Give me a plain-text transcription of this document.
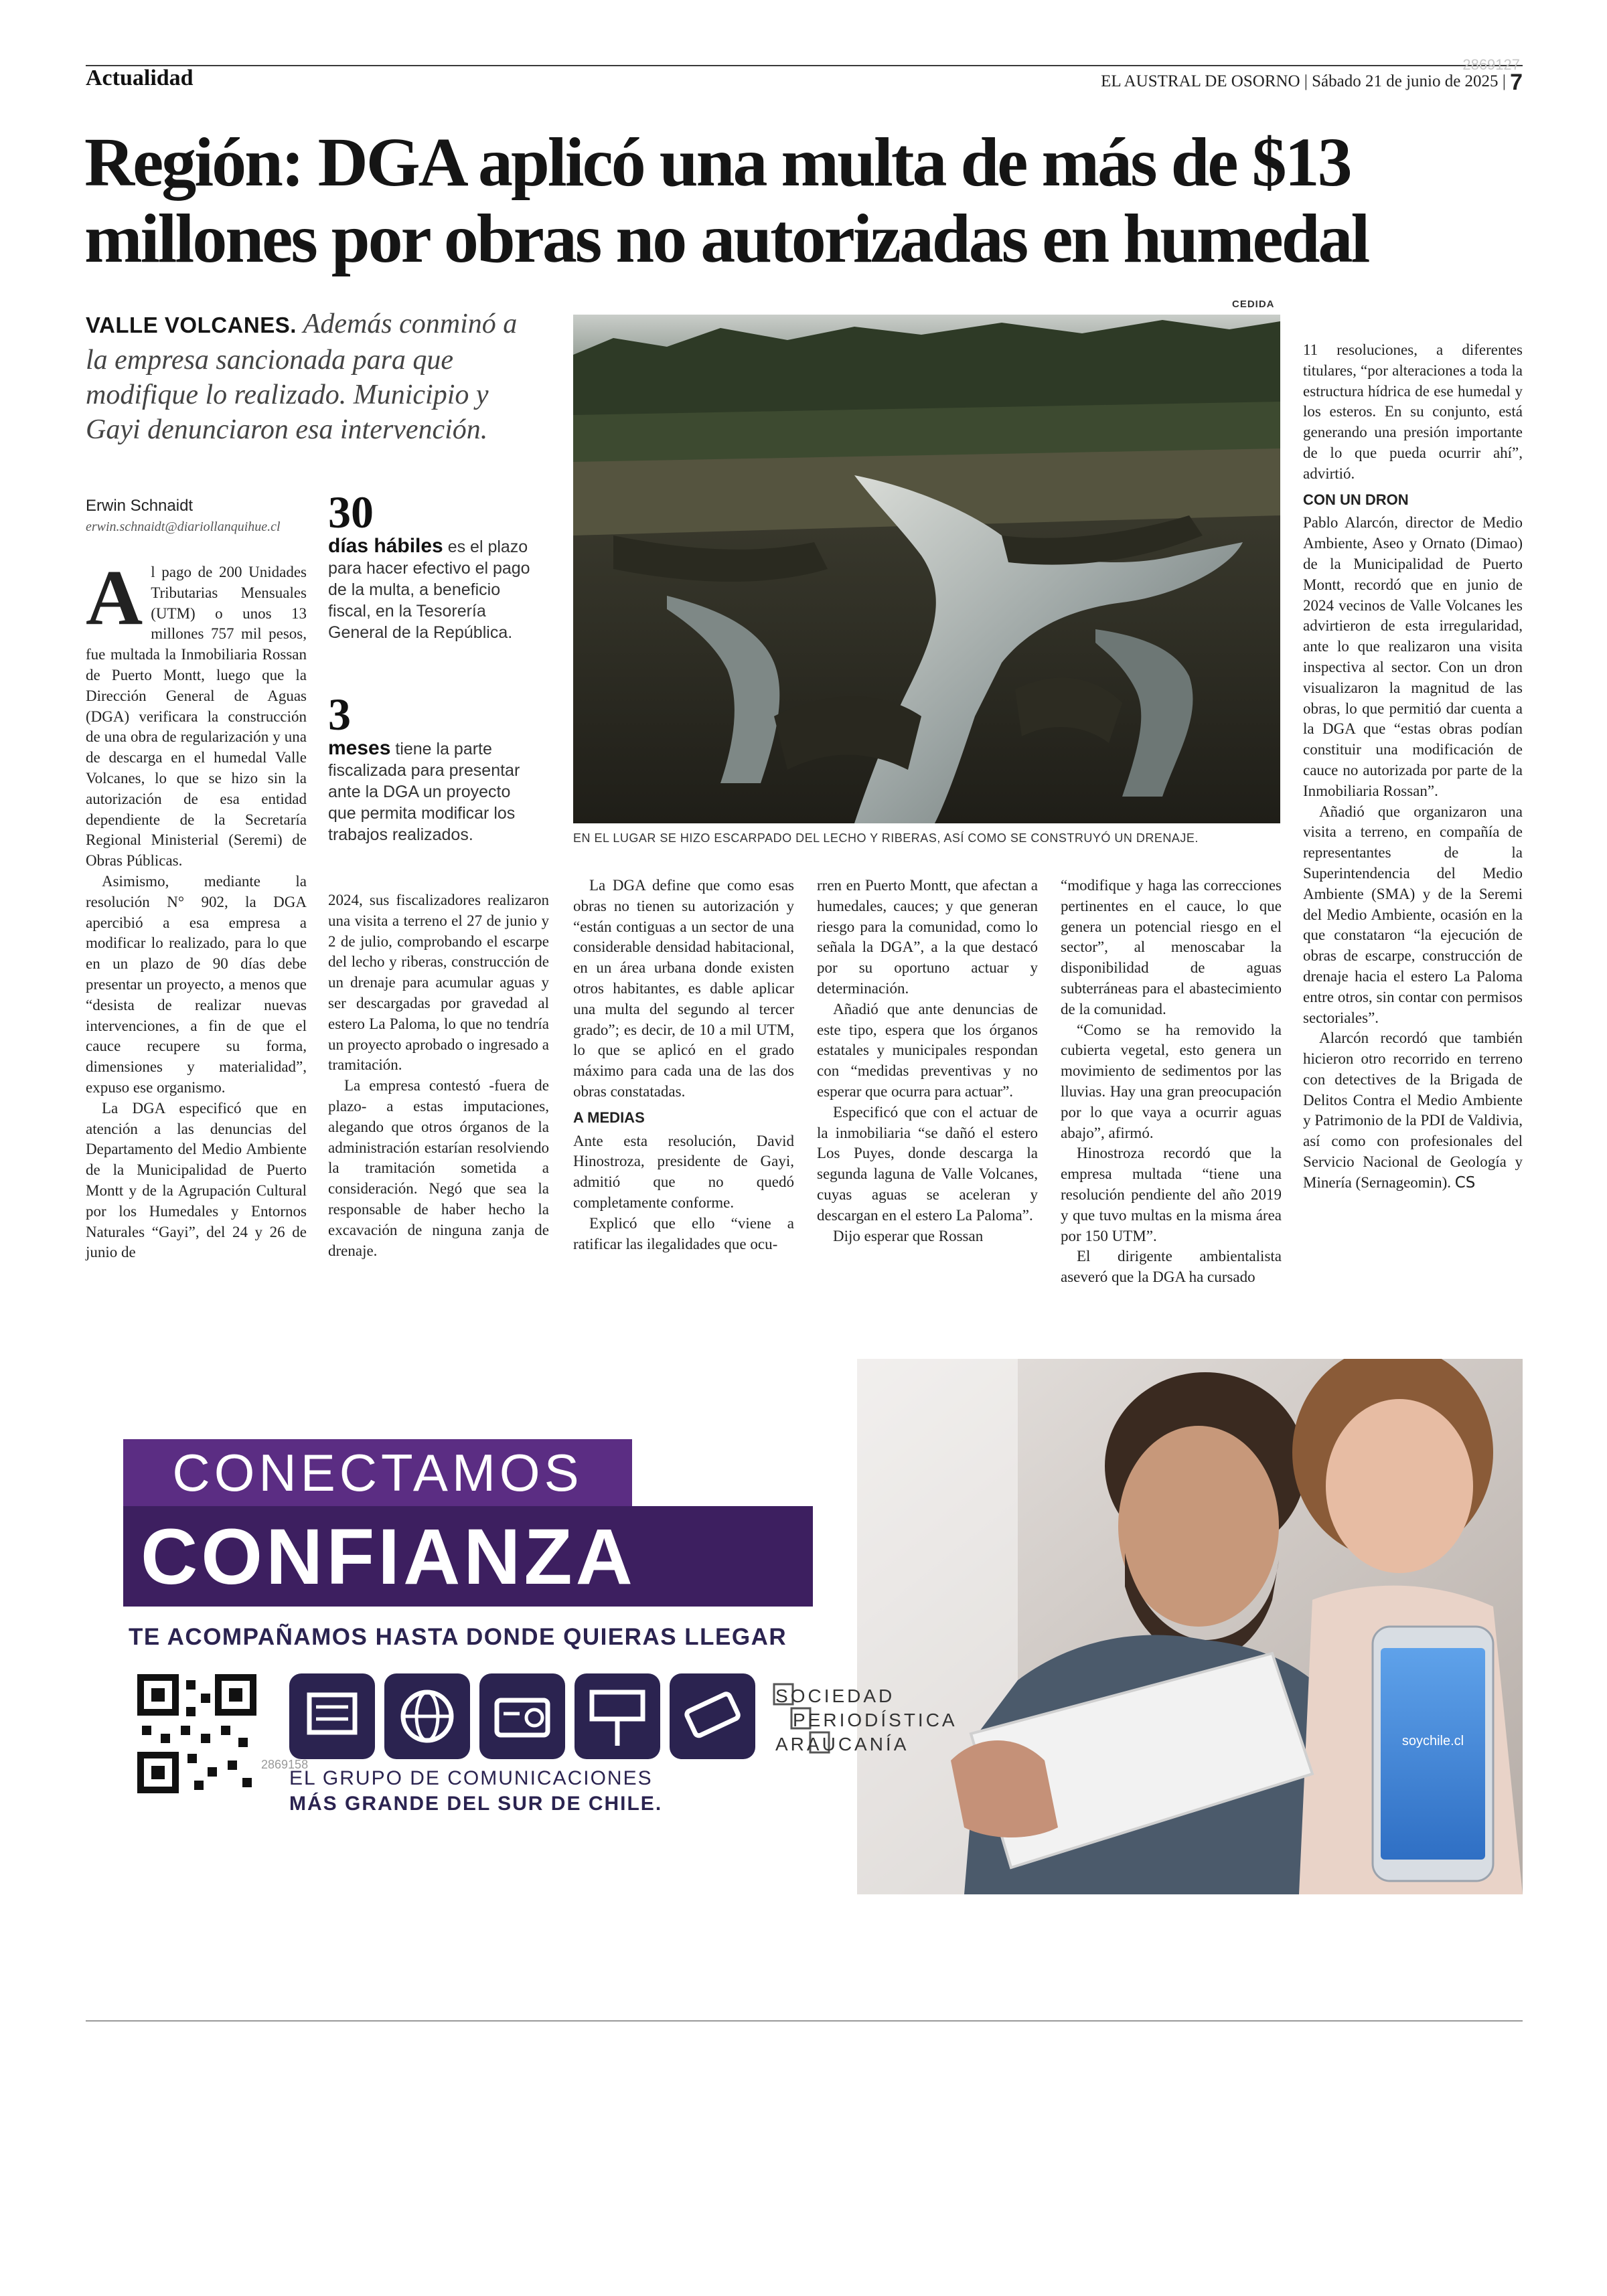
Actualidad
2869127
EL AUSTRAL DE OSORNO | Sábado 21 de junio de 2025 | 7
Región: DGA aplicó una multa de más de $13 millones por obras no autorizadas en humedal
VALLE VOLCANES. Además conminó a la empresa sancionada para que modifique lo realizado. Municipio y Gayi denunciaron esa intervención.
Erwin Schnaidt
erwin.schnaidt@diariollanquihue.cl 30
días hábiles es el plazo para hacer efectivo el pago de la multa, a beneficio fiscal, en la Tesorería General de la República.
3
meses tiene la parte fiscalizada para presentar ante la DGA un proyecto que permita modificar los trabajos realizados.

Al pago de 200 Unidades Tributarias Mensuales (UTM) o unos 13 millones 757 mil pesos, fue multada la Inmobiliaria Rossan de Puerto Montt, luego que la Dirección General de Aguas (DGA) verificara la construcción de una obra de regularización y una de descarga en el humedal Valle Volcanes, lo que se hizo sin la autorización de esa entidad dependiente de la Secretaría Regional Ministerial (Seremi) de Obras Públicas.

Asimismo, mediante la resolución N° 902, la DGA apercibió a esa empresa a modificar lo realizado, para lo que en un plazo de 90 días debe presentar un proyecto, a menos que “desista de realizar nuevas intervenciones, a fin de que el cauce recupere su forma, dimensiones y materialidad”, expuso ese organismo.

La DGA especificó que en atención a las denuncias del Departamento del Medio Ambiente de la Municipalidad de Puerto Montt y de la Agrupación Cultural por los Humedales y Entornos Naturales “Gayi”, del 24 y 26 de junio de

2024, sus fiscalizadores realizaron una visita a terreno el 27 de junio y 2 de julio, comprobando el escarpe del lecho y riberas, construcción de un drenaje para acumular aguas y ser descargadas por gravedad al estero La Paloma, lo que no tendría un proyecto aprobado o ingresado a tramitación.

La empresa contestó -fuera de plazo- a estas imputaciones, alegando que otros órganos de la administración estarían resolviendo la tramitación sometida a consideración. Negó que sea la responsable de haber hecho la excavación de ninguna zanja de drenaje.

CEDIDA
EN EL LUGAR SE HIZO ESCARPADO DEL LECHO Y RIBERAS, ASÍ COMO SE CONSTRUYÓ UN DRENAJE.

La DGA define que como esas obras no tienen su autorización y “están contiguas a un sector de una considerable densidad habitacional, en un área urbana donde existen otros habitantes, es dable aplicar una multa del segundo al tercer grado”; es decir, de 10 a mil UTM, lo que se aplicó en el grado máximo para cada una de las dos obras constatadas.

A MEDIAS

Ante esta resolución, David Hinostroza, presidente de Gayi, admitió que no quedó completamente conforme.

Explicó que ello “viene a ratificar las ilegalidades que ocu-

rren en Puerto Montt, que afectan a humedales, cauces; y que generan riesgo para la comunidad, como lo señala la DGA”, a la que destacó por su oportuno actuar y determinación.

Añadió que ante denuncias de este tipo, espera que los órganos estatales y municipales respondan con “medidas preventivas y no esperar que ocurra para actuar”.

Especificó que con el actuar de la inmobiliaria “se dañó el estero Los Puyes, donde descarga la segunda laguna de Valle Volcanes, cuyas aguas se aceleran y descargan en el estero La Paloma”.

Dijo esperar que Rossan

“modifique y haga las correcciones pertinentes en el cauce, lo que genera un potencial riesgo en el sector”, al menoscabar la disponibilidad de aguas subterráneas para el abastecimiento de la comunidad.

“Como se ha removido la cubierta vegetal, esto genera un movimiento de sedimentos por las lluvias. Hay una gran preocupación por lo que vaya a ocurrir aguas abajo”, afirmó.

Hinostroza recordó que la empresa multada “tiene una resolución pendiente del año 2019 y que tuvo multas en la misma área por 150 UTM”.

El dirigente ambientalista aseveró que la DGA ha cursado

11 resoluciones, a diferentes titulares, “por alteraciones a toda la estructura hídrica de ese humedal y los esteros. En su conjunto, está generando una presión importante de lo que pueda ocurrir ahí”, advirtió.

CON UN DRON

Pablo Alarcón, director de Medio Ambiente, Aseo y Ornato (Dimao) de la Municipalidad de Puerto Montt, recordó que en junio de 2024 vecinos de Valle Volcanes les advirtieron de esta irregularidad, ante lo que realizaron una visita inspectiva al sector. Con un dron visualizaron la magnitud de las obras, lo que permitió dar cuenta a la DGA que “estas obras podían constituir una modificación de cauce no autorizada por parte de la Inmobiliaria Rossan”.

Añadió que organizaron una visita a terreno, en compañía de representantes de la Superintendencia del Medio Ambiente (SMA) y de la Seremi del Medio Ambiente, ocasión en la que constataron “la ejecución de obras de escarpe, construcción de drenaje hacia el estero La Paloma entre otros, sin contar con permisos sectoriales”.

Alarcón recordó que también hicieron otro recorrido en terreno con detectives de la Brigada de Delitos Contra el Medio Ambiente y Patrimonio de la PDI de Valdivia, así como con profesionales del Servicio Nacional de Geología y Minería (Sernageomin). CS

CONECTAMOS
CONFIANZA
TE ACOMPAÑAMOS HASTA DONDE QUIERAS LLEGAR
EL GRUPO DE COMUNICACIONES
MÁS GRANDE DEL SUR DE CHILE.
2869158
SOCIEDAD
PERIODÍSTICA
ARAUCANÍA	soychile.cl
